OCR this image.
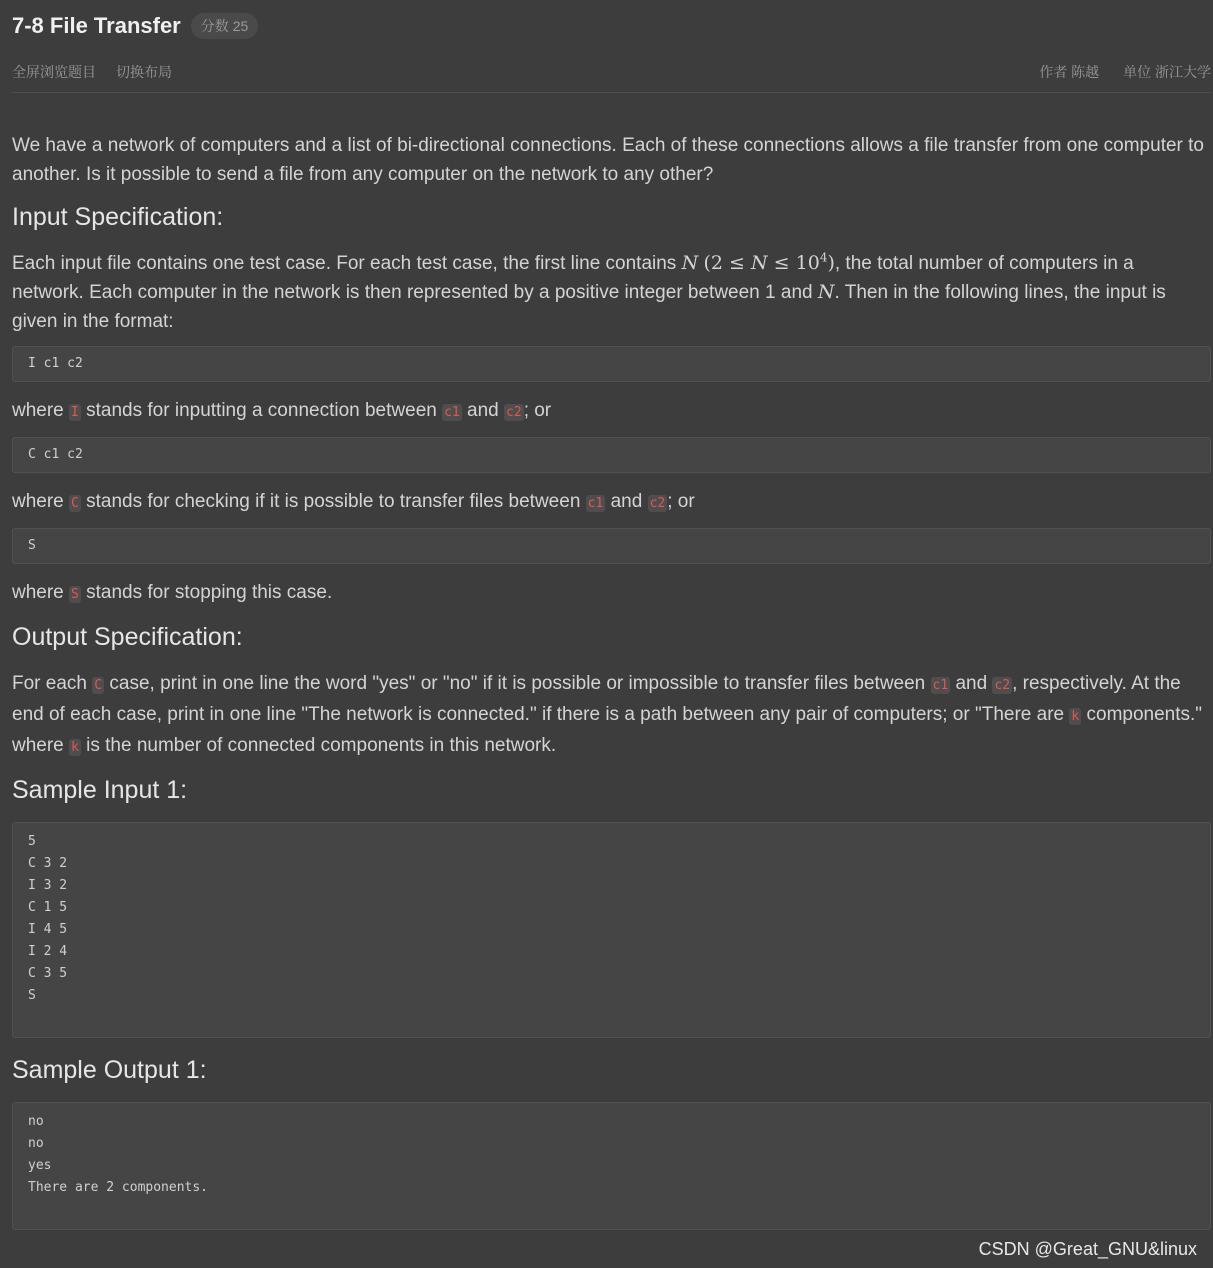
7-8 File Transfer 分数 25
全屏浏览题目 切换布局	作者 陈越 单位 浙江大学

We have a network of computers and a list of bi-directional connections. Each of these connections allows a file transfer from one computer to another. Is it possible to send a file from any computer on the network to any other?

Input Specification:

Each input file contains one test case. For each test case, the first line contains N $(2 \le N \le 10^4)$, the total number of computers in a network. Each computer in the network is then represented by a positive integer between 1 and N. Then in the following lines, the input is given in the format:

I c1 c2

where I stands for inputting a connection between c1 and c2 ; or

C c1 c2

where C stands for checking if it is possible to transfer files between c1 and c2 ; or

S

where S stands for stopping this case.

Output Specification:

For each C case, print in one line the word "yes" or "no" if it is possible or impossible to transfer files between c1 and c2 , respectively. At the end of each case, print in one line "The network is connected." if there is a path between any pair of computers; or "There are k components." where k is the number of connected components in this network.

Sample Input 1:
5
C 3 2
I 3 2
C 1 5
I 4 5
I 2 4
C 3 5
S
Sample Output 1:
no
no
yes
There are 2 components.
CSDN @Great_GNU&linux
